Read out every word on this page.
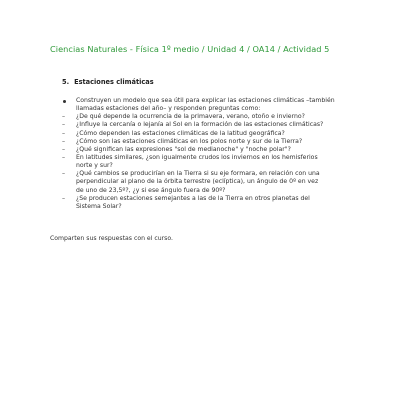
Ciencias Naturales - Física 1º medio / Unidad 4 / OA14 / Actividad 5
5. Estaciones climáticas
Construyen un modelo que sea útil para explicar las estaciones climáticas –también
llamadas estaciones del año– y responden preguntas como:
– ¿De qué depende la ocurrencia de la primavera, verano, otoño e invierno?
– ¿Influye la cercanía o lejanía al Sol en la formación de las estaciones climáticas?
– ¿Cómo dependen las estaciones climáticas de la latitud geográfica?
– ¿Cómo son las estaciones climáticas en los polos norte y sur de la Tierra?
– ¿Qué significan las expresiones "sol de medianoche" y "noche polar"?
– En latitudes similares, ¿son igualmente crudos los inviernos en los hemisferios
norte y sur?
– ¿Qué cambios se producirían en la Tierra si su eje formara, en relación con una
perpendicular al plano de la órbita terrestre (eclíptica), un ángulo de 0º en vez
de uno de 23,5º?, ¿y si ese ángulo fuera de 90º?
– ¿Se producen estaciones semejantes a las de la Tierra en otros planetas del
Sistema Solar?
Comparten sus respuestas con el curso.
